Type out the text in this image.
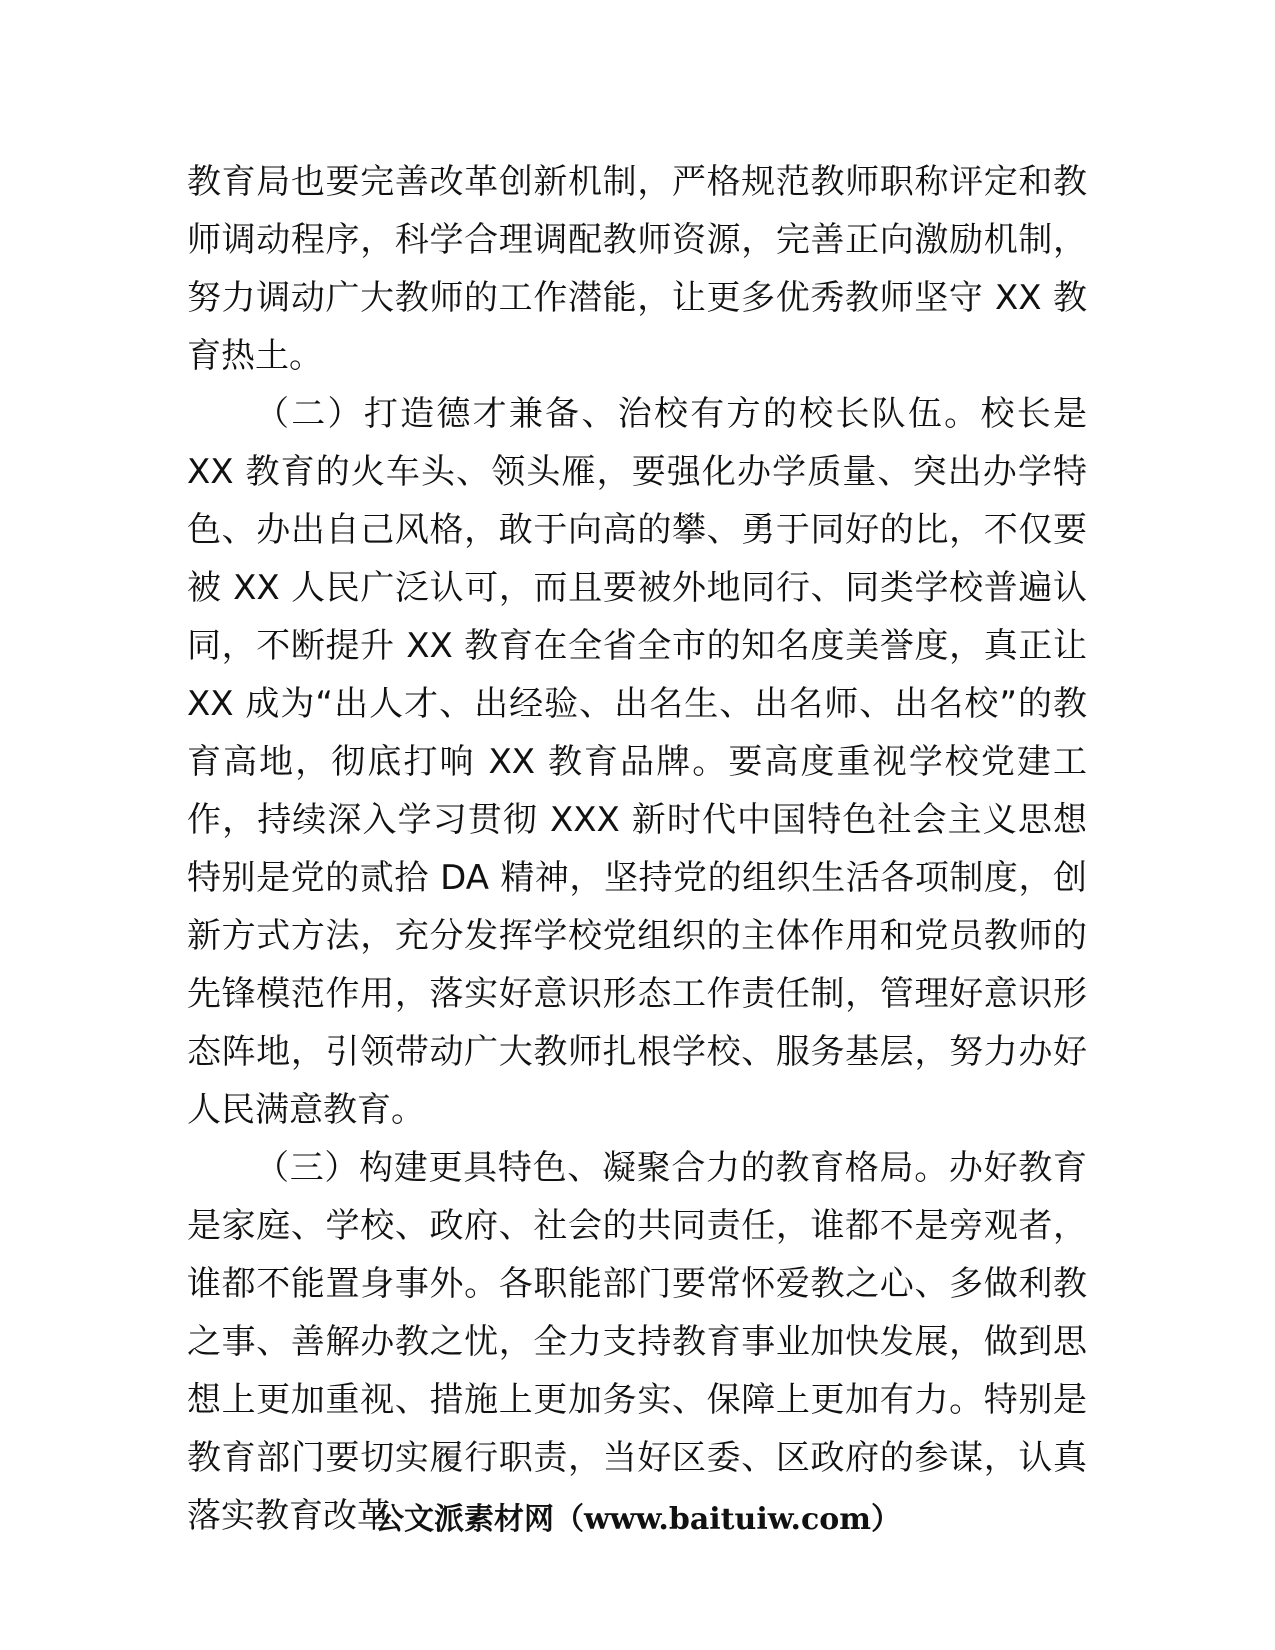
教育局也要完善改革创新机制，严格规范教师职称评定和教师调动程序，科学合理调配教师资源，完善正向激励机制，努力调动广大教师的工作潜能，让更多优秀教师坚守 XX 教育热土。

（二）打造德才兼备、治校有方的校长队伍。校长是 XX 教育的火车头、领头雁，要强化办学质量、突出办学特色、办出自己风格，敢于向高的攀、勇于同好的比，不仅要被 XX 人民广泛认可，而且要被外地同行、同类学校普遍认同，不断提升 XX 教育在全省全市的知名度美誉度，真正让 XX 成为“出人才、出经验、出名生、出名师、出名校”的教育高地，彻底打响 XX 教育品牌。要高度重视学校党建工作，持续深入学习贯彻 XXX 新时代中国特色社会主义思想特别是党的贰拾 DA 精神，坚持党的组织生活各项制度，创新方式方法，充分发挥学校党组织的主体作用和党员教师的先锋模范作用，落实好意识形态工作责任制，管理好意识形态阵地，引领带动广大教师扎根学校、服务基层，努力办好人民满意教育。

（三）构建更具特色、凝聚合力的教育格局。办好教育是家庭、学校、政府、社会的共同责任，谁都不是旁观者，谁都不能置身事外。各职能部门要常怀爱教之心、多做利教之事、善解办教之忧，全力支持教育事业加快发展，做到思想上更加重视、措施上更加务实、保障上更加有力。特别是教育部门要切实履行职责，当好区委、区政府的参谋，认真落实教育改革

公文派素材网（www.baituiw.com）
